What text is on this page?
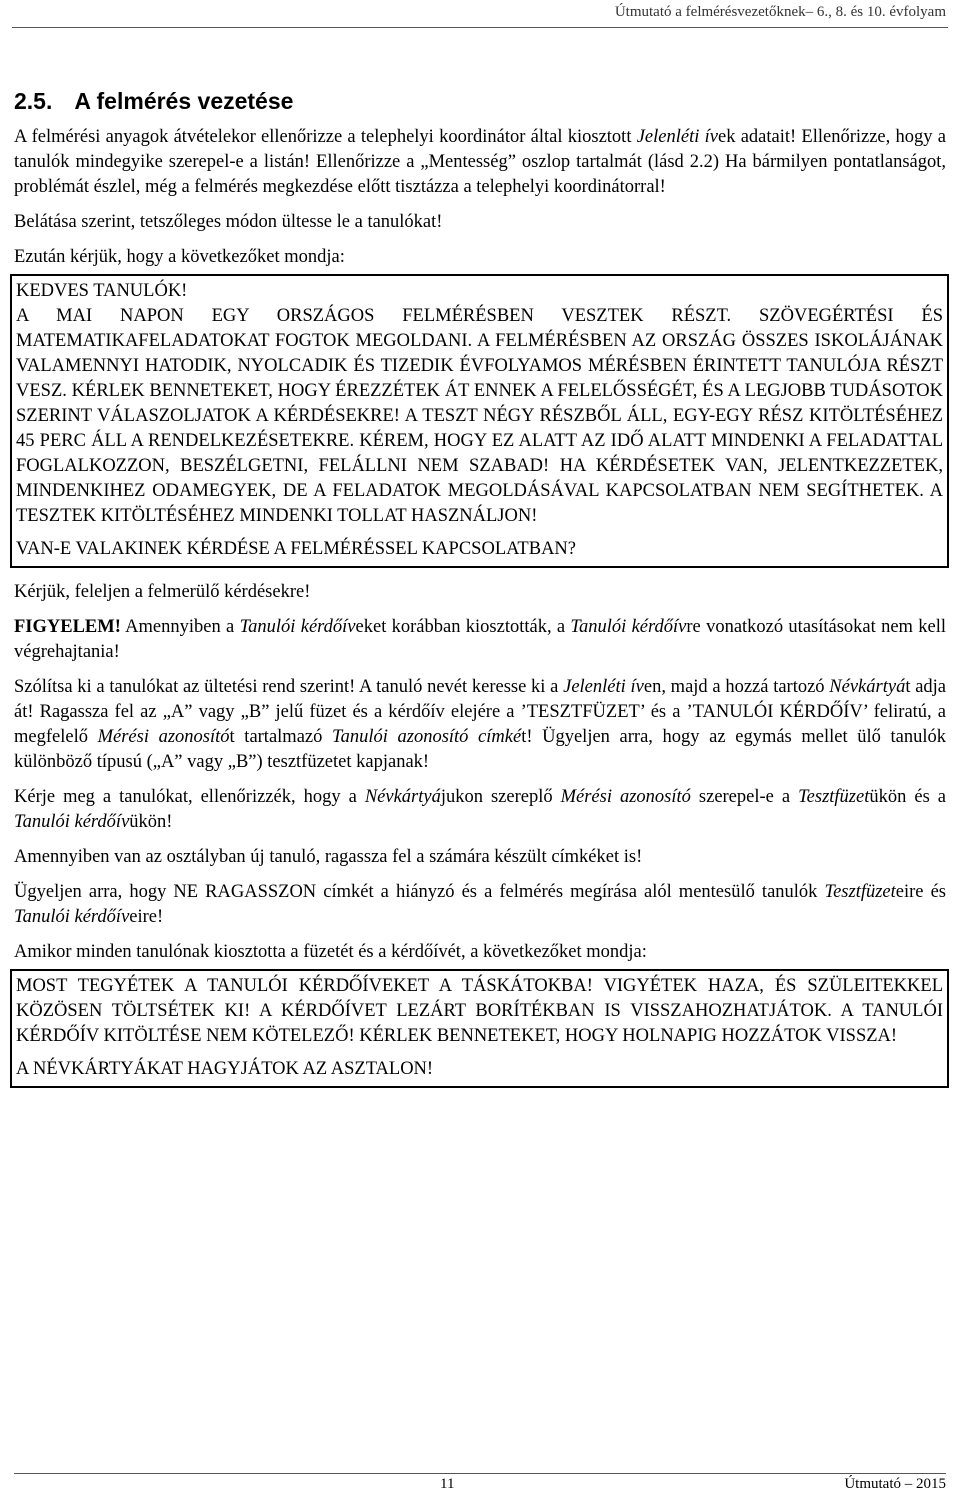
Útmutató a felmérésvezetőknek– 6., 8. és 10. évfolyam
2.5. A felmérés vezetése

A felmérési anyagok átvételekor ellenőrizze a telephelyi koordinátor által kiosztott Jelenléti ívek adatait! Ellenőrizze, hogy a tanulók mindegyike szerepel-e a listán! Ellenőrizze a „Mentesség” oszlop tartalmát (lásd 2.2) Ha bármilyen pontatlanságot, problémát észlel, még a felmérés megkezdése előtt tisztázza a telephelyi koordinátorral!

Belátása szerint, tetszőleges módon ültesse le a tanulókat!

Ezután kérjük, hogy a következőket mondja:

KEDVES TANULÓK!

A MAI NAPON EGY ORSZÁGOS FELMÉRÉSBEN VESZTEK RÉSZT. SZÖVEGÉRTÉSI ÉS MATEMATIKAFELADATOKAT FOGTOK MEGOLDANI. A FELMÉRÉSBEN AZ ORSZÁG ÖSSZES ISKOLÁJÁNAK VALAMENNYI HATODIK, NYOLCADIK ÉS TIZEDIK ÉVFOLYAMOS MÉRÉSBEN ÉRINTETT TANULÓJA RÉSZT VESZ. KÉRLEK BENNETEKET, HOGY ÉREZZÉTEK ÁT ENNEK A FELELŐSSÉGÉT, ÉS A LEGJOBB TUDÁSOTOK SZERINT VÁLASZOLJATOK A KÉRDÉSEKRE! A TESZT NÉGY RÉSZBŐL ÁLL, EGY-EGY RÉSZ KITÖLTÉSÉHEZ 45 PERC ÁLL A RENDELKEZÉSETEKRE. KÉREM, HOGY EZ ALATT AZ IDŐ ALATT MINDENKI A FELADATTAL FOGLALKOZZON, BESZÉLGETNI, FELÁLLNI NEM SZABAD! HA KÉRDÉSETEK VAN, JELENTKEZZETEK, MINDENKIHEZ ODAMEGYEK, DE A FELADATOK MEGOLDÁSÁVAL KAPCSOLATBAN NEM SEGÍTHETEK. A TESZTEK KITÖLTÉSÉHEZ MINDENKI TOLLAT HASZNÁLJON!

VAN-E VALAKINEK KÉRDÉSE A FELMÉRÉSSEL KAPCSOLATBAN?

Kérjük, feleljen a felmerülő kérdésekre!

FIGYELEM! Amennyiben a Tanulói kérdőíveket korábban kiosztották, a Tanulói kérdőívre vonatkozó utasításokat nem kell végrehajtania!

Szólítsa ki a tanulókat az ültetési rend szerint! A tanuló nevét keresse ki a Jelenléti íven, majd a hozzá tartozó Névkártyát adja át! Ragassza fel az „A” vagy „B” jelű füzet és a kérdőív elejére a ’TESZTFÜZET’ és a ’TANULÓI KÉRDŐÍV’ feliratú, a megfelelő Mérési azonosítót tartalmazó Tanulói azonosító címkét! Ügyeljen arra, hogy az egymás mellet ülő tanulók különböző típusú („A” vagy „B”) tesztfüzetet kapjanak!

Kérje meg a tanulókat, ellenőrizzék, hogy a Névkártyájukon szereplő Mérési azonosító szerepel-e a Tesztfüzetükön és a Tanulói kérdőívükön!

Amennyiben van az osztályban új tanuló, ragassza fel a számára készült címkéket is!

Ügyeljen arra, hogy NE RAGASSZON címkét a hiányzó és a felmérés megírása alól mentesülő tanulók Tesztfüzeteire és Tanulói kérdőíveire!

Amikor minden tanulónak kiosztotta a füzetét és a kérdőívét, a következőket mondja:

MOST TEGYÉTEK A TANULÓI KÉRDŐÍVEKET A TÁSKÁTOKBA! VIGYÉTEK HAZA, ÉS SZÜLEITEKKEL KÖZÖSEN TÖLTSÉTEK KI! A KÉRDŐÍVET LEZÁRT BORÍTÉKBAN IS VISSZAHOZHATJÁTOK. A TANULÓI KÉRDŐÍV KITÖLTÉSE NEM KÖTELEZŐ! KÉRLEK BENNETEKET, HOGY HOLNAPIG HOZZÁTOK VISSZA!

A NÉVKÁRTYÁKAT HAGYJÁTOK AZ ASZTALON!

11	Útmutató – 2015
